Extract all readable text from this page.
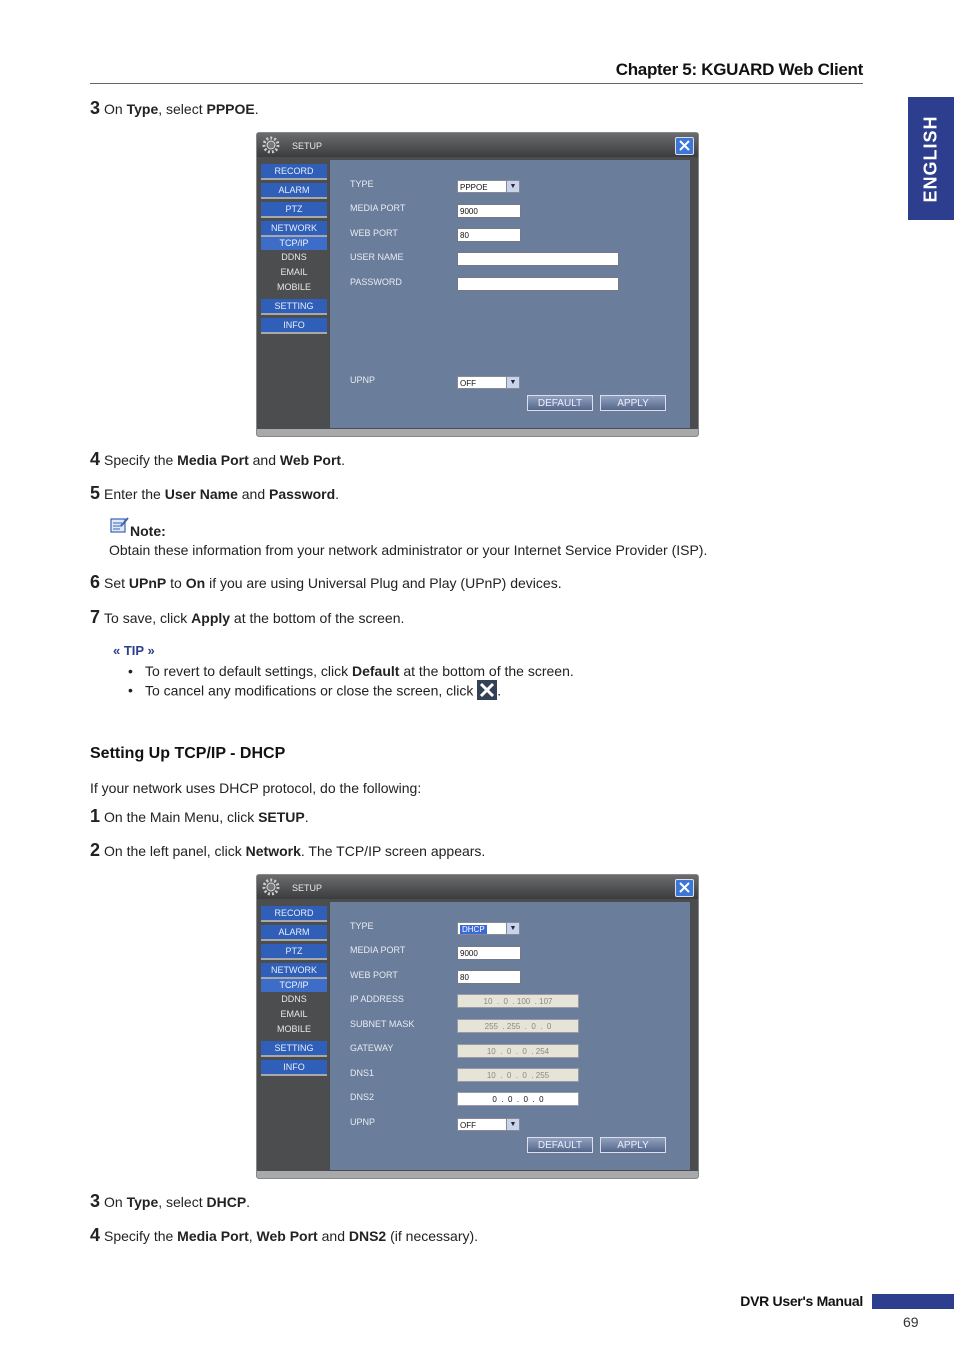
Chapter 5: KGUARD Web Client
ENGLISH
3 On Type, select PPPOE.
SETUP
RECORD
ALARM
PTZ
NETWORK
TCP/IP
DDNS
EMAIL
MOBILE
SETTING
INFO
TYPE	PPPOE	▼
MEDIA PORT	9000
WEB PORT	80
USER NAME
PASSWORD
UPNP	OFF	▼
DEFAULT	APPLY
4 Specify the Media Port and Web Port.
5 Enter the User Name and Password.
Note:
Obtain these information from your network administrator or your Internet Service Provider (ISP).
6 Set UPnP to On if you are using Universal Plug and Play (UPnP) devices.
7 To save, click Apply at the bottom of the screen.
« TIP »
• To revert to default settings, click Default at the bottom of the screen.
• To cancel any modifications or close the screen, click .
Setting Up TCP/IP - DHCP
If your network uses DHCP protocol, do the following:
1 On the Main Menu, click SETUP.
2 On the left panel, click Network. The TCP/IP screen appears.
SETUP
RECORD
ALARM
PTZ
NETWORK
TCP/IP
DDNS
EMAIL
MOBILE
SETTING
INFO
TYPE	DHCP	▼
MEDIA PORT	9000
WEB PORT	80
IP ADDRESS	10  .  0  . 100  . 107
SUBNET MASK	255  . 255  .  0  .  0
GATEWAY	10  .  0  .  0  . 254
DNS1	10  .  0  .  0  . 255
DNS2	0  .  0  .  0  .  0
UPNP	OFF	▼
DEFAULT	APPLY
3 On Type, select DHCP.
4 Specify the Media Port, Web Port and DNS2 (if necessary).
DVR User's Manual
69
